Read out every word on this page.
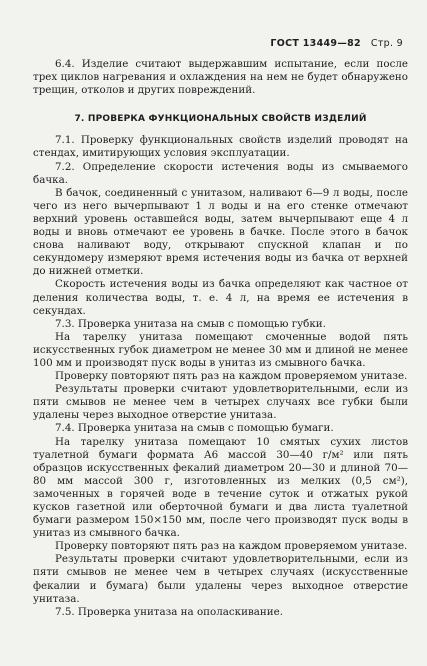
ГОСТ 13449—82 Стр. 9

6.4. Изделие считают выдержавшим испытание, если после трех циклов нагревания и охлаждения на нем не будет обнаружено трещин, отколов и других повреждений.

7. ПРОВЕРКА ФУНКЦИОНАЛЬНЫХ СВОЙСТВ ИЗДЕЛИЙ

7.1. Проверку функциональных свойств изделий проводят на стендах, имитирующих условия эксплуатации.

7.2. Определение скорости истечения воды из смываемого бачка.

В бачок, соединенный с унитазом, наливают 6—9 л воды, после чего из него вычерпывают 1 л воды и на его стенке отмечают верхний уровень оставшейся воды, затем вычерпывают еще 4 л воды и вновь отмечают ее уровень в бачке. После этого в бачок снова наливают воду, открывают спускной клапан и по секундомеру измеряют время истечения воды из бачка от верхней до нижней отметки.

Скорость истечения воды из бачка определяют как частное от деления количества воды, т. е. 4 л, на время ее истечения в секундах.

7.3. Проверка унитаза на смыв с помощью губки.

На тарелку унитаза помещают смоченные водой пять искусственных губок диаметром не менее 30 мм и длиной не менее 100 мм и производят пуск воды в унитаз из смывного бачка.

Проверку повторяют пять раз на каждом проверяемом унитазе.

Результаты проверки считают удовлетворительными, если из пяти смывов не менее чем в четырех случаях все губки были удалены через выходное отверстие унитаза.

7.4. Проверка унитаза на смыв с помощью бумаги.

На тарелку унитаза помещают 10 смятых сухих листов туалетной бумаги формата А6 массой 30—40 г/м² или пять образцов искусственных фекалий диаметром 20—30 и длиной 70—80 мм массой 300 г, изготовленных из мелких (0,5 см²), замоченных в горячей воде в течение суток и отжатых рукой кусков газетной или оберточной бумаги и два листа туалетной бумаги размером 150×150 мм, после чего производят пуск воды в унитаз из смывного бачка.

Проверку повторяют пять раз на каждом проверяемом унитазе.

Результаты проверки считают удовлетворительными, если из пяти смывов не менее чем в четырех случаях (искусственные фекалии и бумага) были удалены через выходное отверстие унитаза.

7.5. Проверка унитаза на ополаскивание.
